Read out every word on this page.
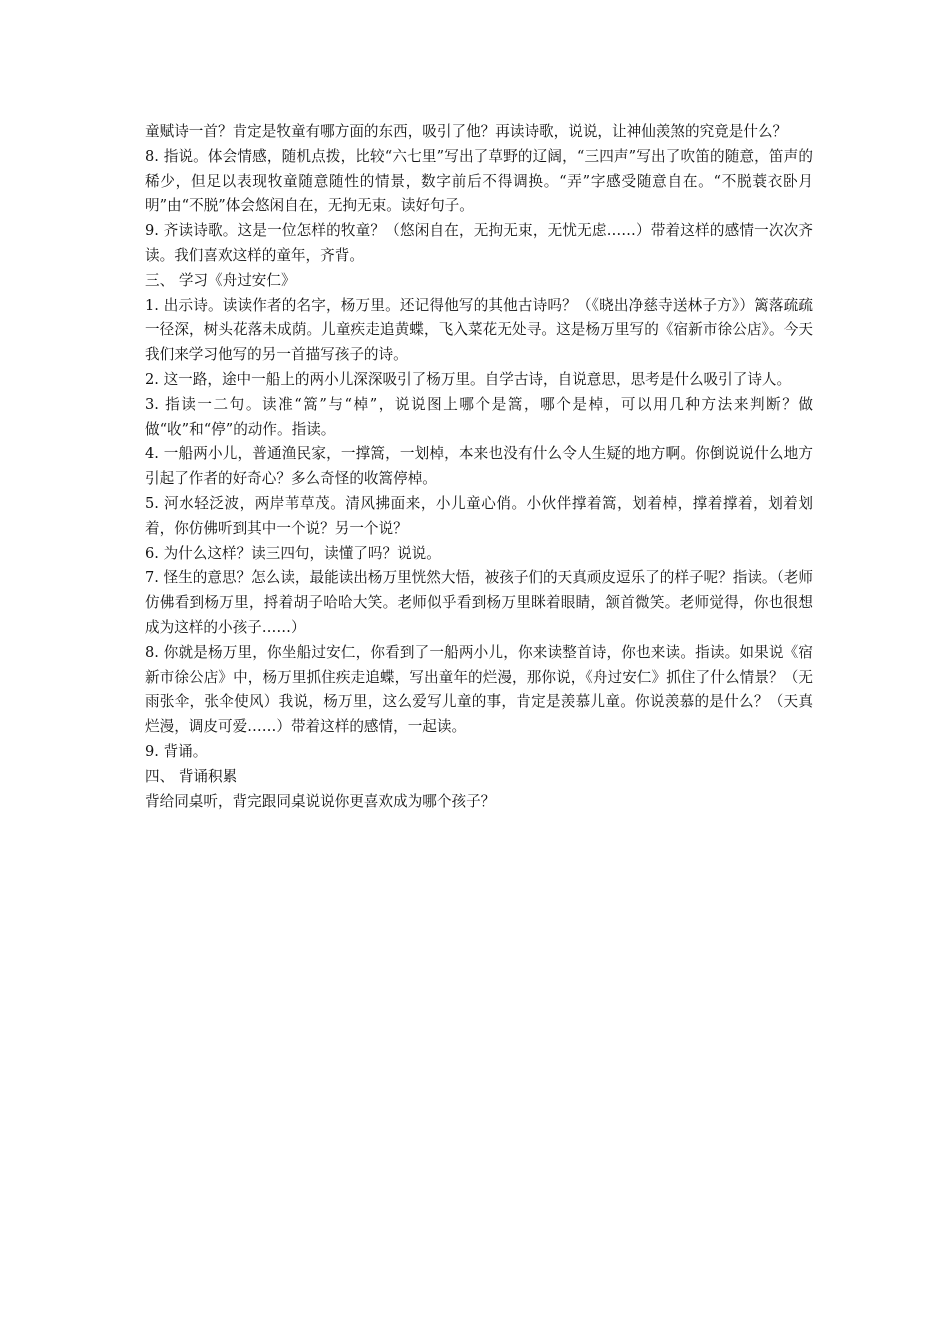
童赋诗一首？肯定是牧童有哪方面的东西，吸引了他？再读诗歌，说说，让神仙羡煞的究竟是什么？

8. 指说。体会情感，随机点拨，比较“六七里”写出了草野的辽阔，“三四声”写出了吹笛的随意，笛声的稀少，但足以表现牧童随意随性的情景，数字前后不得调换。“弄”字感受随意自在。“不脱蓑衣卧月明”由“不脱”体会悠闲自在，无拘无束。读好句子。

9. 齐读诗歌。这是一位怎样的牧童？（悠闲自在，无拘无束，无忧无虑……）带着这样的感情一次次齐读。我们喜欢这样的童年，齐背。

三、 学习《舟过安仁》

1. 出示诗。读读作者的名字，杨万里。还记得他写的其他古诗吗？（《晓出净慈寺送林子方》）篱落疏疏一径深，树头花落未成荫。儿童疾走追黄蝶，飞入菜花无处寻。这是杨万里写的《宿新市徐公店》。今天我们来学习他写的另一首描写孩子的诗。

2. 这一路，途中一船上的两小儿深深吸引了杨万里。自学古诗，自说意思，思考是什么吸引了诗人。

3. 指读一二句。读准“篙”与“棹”，说说图上哪个是篙，哪个是棹，可以用几种方法来判断？做做“收”和“停”的动作。指读。

4. 一船两小儿，普通渔民家，一撑篙，一划棹，本来也没有什么令人生疑的地方啊。你倒说说什么地方引起了作者的好奇心？多么奇怪的收篙停棹。

5. 河水轻泛波，两岸苇草茂。清风拂面来，小儿童心俏。小伙伴撑着篙，划着棹，撑着撑着，划着划着，你仿佛听到其中一个说？另一个说？

6. 为什么这样？读三四句，读懂了吗？说说。

7. 怪生的意思？怎么读，最能读出杨万里恍然大悟，被孩子们的天真顽皮逗乐了的样子呢？指读。（老师仿佛看到杨万里，捋着胡子哈哈大笑。老师似乎看到杨万里眯着眼睛，颔首微笑。老师觉得，你也很想成为这样的小孩子……）

8. 你就是杨万里，你坐船过安仁，你看到了一船两小儿，你来读整首诗，你也来读。指读。如果说《宿新市徐公店》中，杨万里抓住疾走追蝶，写出童年的烂漫，那你说，《舟过安仁》抓住了什么情景？（无雨张伞，张伞使风）我说，杨万里，这么爱写儿童的事，肯定是羡慕儿童。你说羡慕的是什么？（天真烂漫，调皮可爱……）带着这样的感情，一起读。

9. 背诵。

四、 背诵积累

背给同桌听，背完跟同桌说说你更喜欢成为哪个孩子？
